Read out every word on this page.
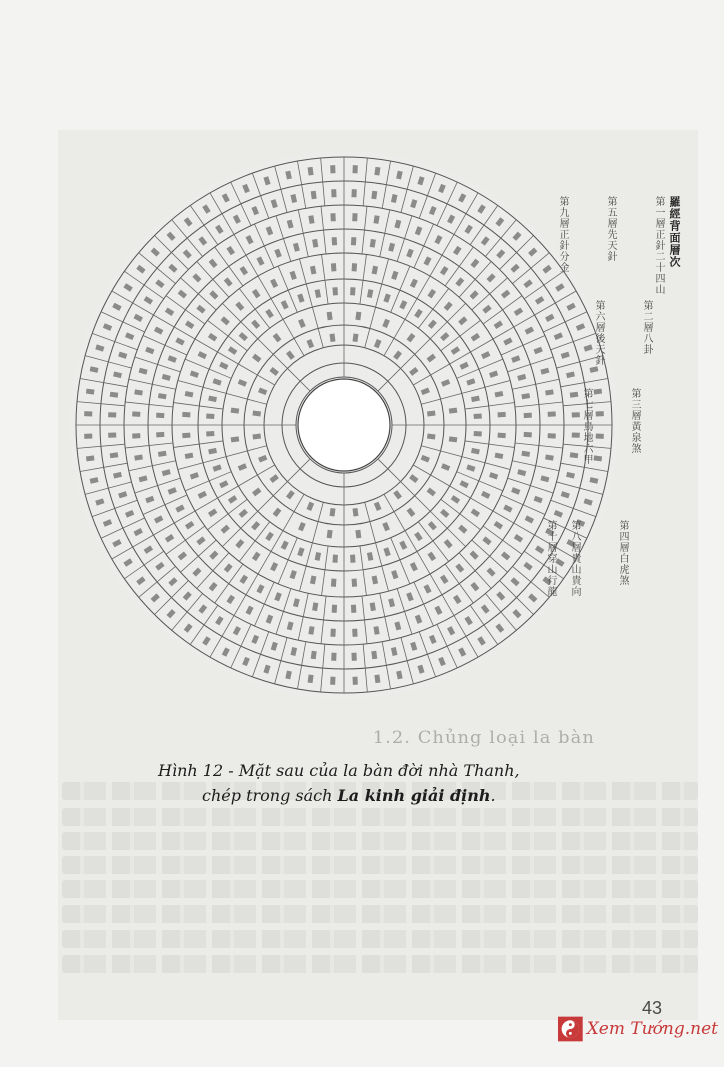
1.2. Chủng loại la bàn
羅經背面層次
第一層正針二十四山
第二層八卦
第三層黃泉煞
第四層白虎煞
第五層先天針
第六層後天針
第七層鳥地六甲
第八層貴山貴向
第九層正針分金
第十層穿山行龍
Hình 12 - Mặt sau của la bàn đời nhà Thanh,

chép trong sách La kinh giải định.
43
Xem Tướng.net
